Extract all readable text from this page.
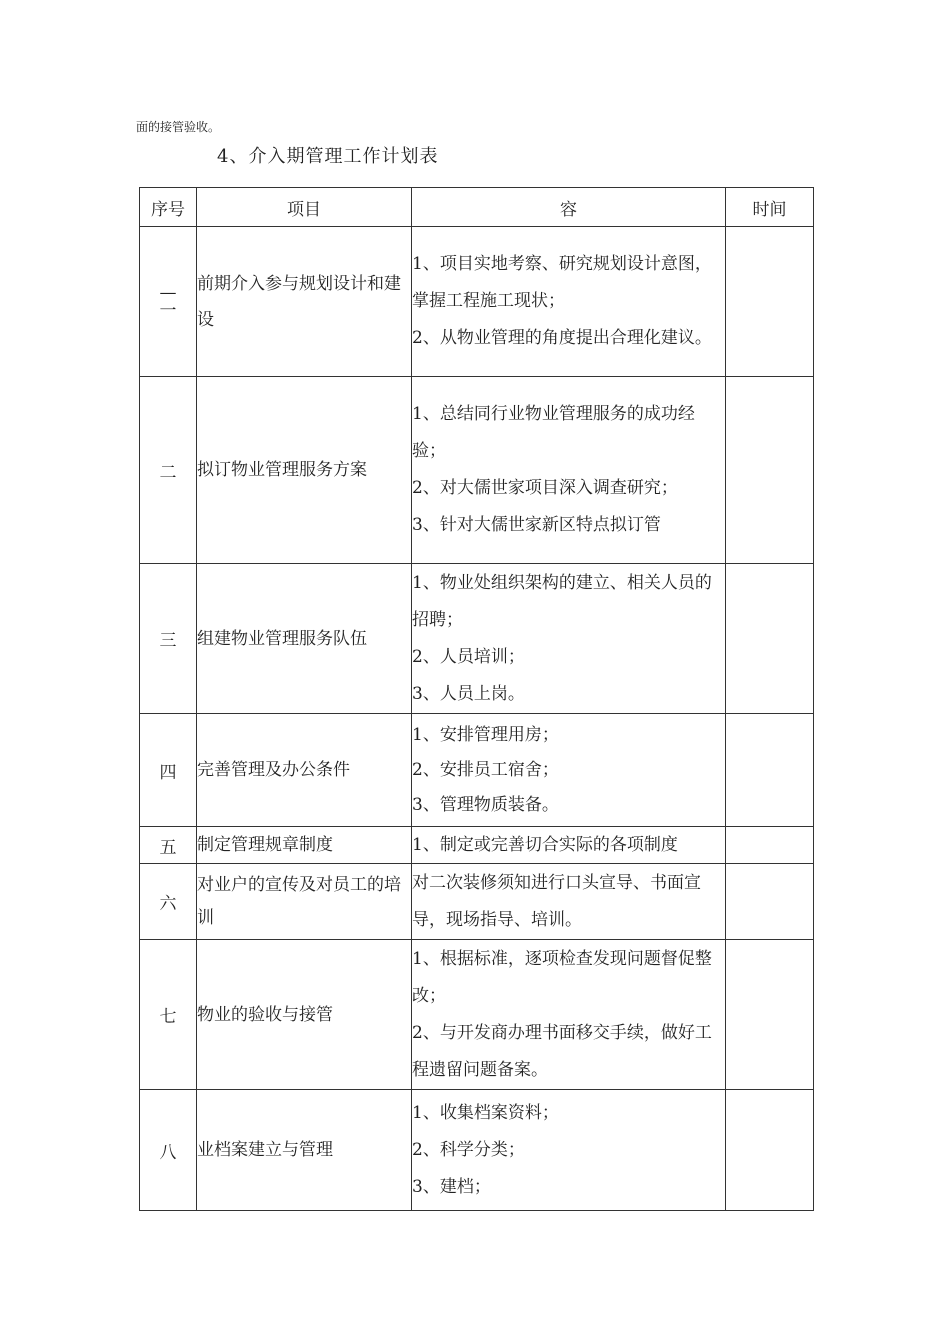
面的接管验收。
4、介入期管理工作计划表
序号	项目	容	时间
—
一	前期介入参与规划设计和建设	1、项目实地考察、研究规划设计意图，掌握工程施工现状；
2、从物业管理的角度提出合理化建议。	

二	拟订物业管理服务方案	1、总结同行业物业管理服务的成功经验；
2、对大儒世家项目深入调查研究；
3、针对大儒世家新区特点拟订管	

三	组建物业管理服务队伍	1、物业处组织架构的建立、相关人员的招聘；
2、人员培训；
3、人员上岗。	

四	完善管理及办公条件	1、安排管理用房；
2、安排员工宿舍；
3、管理物质装备。	

五	制定管理规章制度	1、制定或完善切合实际的各项制度	

六	对业户的宣传及对员工的培训	对二次装修须知进行口头宣导、书面宣导，现场指导、培训。	

七	物业的验收与接管	1、根据标准，逐项检查发现问题督促整改；
2、与开发商办理书面移交手续，做好工程遗留问题备案。	

八	业档案建立与管理	1、收集档案资料；
2、科学分类；
3、建档；	
